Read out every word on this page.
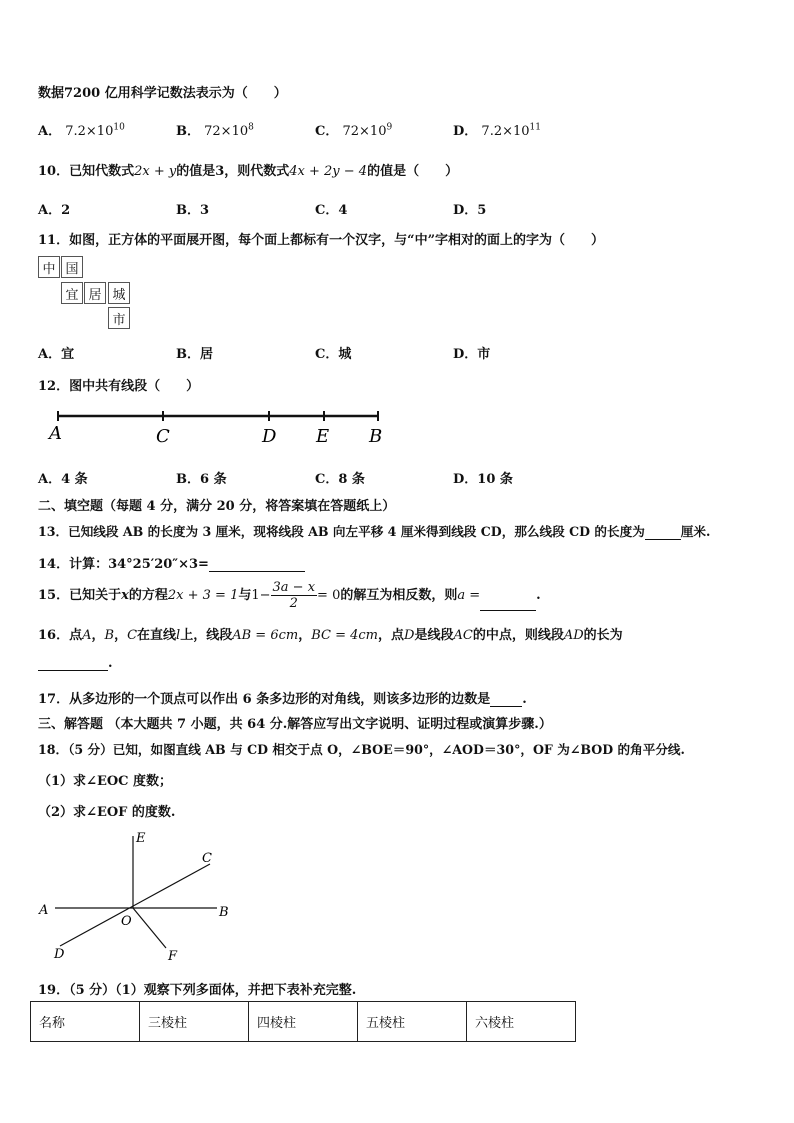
数据7200 亿用科学记数法表示为（　　）
A． $7.2\times 10^{10}$	B． $72\times 10^8$	C． $72\times 10^9$	D． $7.2\times 10^{11}$
10．已知代数式2x + y的值是3，则代数式4x + 2y − 4的值是（　　）
A．2	B．3	C．4	D．5
11．如图，正方体的平面展开图，每个面上都标有一个汉字，与“中”字相对的面上的字为（　　）
中 国
宜 居 城
市
A．宜	B．居	C．城	D．市
12．图中共有线段（　　）
A	C	D E B
A．4 条	B．6 条	C．8 条	D．10 条
二、填空题（每题 4 分，满分 20 分，将答案填在答题纸上）
13．已知线段 AB 的长度为 3 厘米，现将线段 AB 向左平移 4 厘米得到线段 CD，那么线段 CD 的长度为	厘米.
14．计算：34°25′20″×3=
15．已知关于x的方程2x + 3 = 1与$1- \frac{3a - x}{2} = 0$的解互为相反数，则a =	.
16．点A，B，C在直线l上，线段AB = 6cm，BC = 4cm，点D是线段AC的中点，则线段AD的长为
.
17．从多边形的一个顶点可以作出 6 条多边形的对角线，则该多边形的边数是 .
三、解答题 （本大题共 7 小题，共 64 分.解答应写出文字说明、证明过程或演算步骤.）
18．（5 分）已知，如图直线 AB 与 CD 相交于点 O，∠BOE＝90°，∠AOD＝30°，OF 为∠BOD 的角平分线.
（1）求∠EOC 度数；
（2）求∠EOF 的度数.
E
C
A	B
O
D	F
19．（5 分）（1）观察下列多面体，并把下表补充完整.
名称	三棱柱	四棱柱	五棱柱	六棱柱
